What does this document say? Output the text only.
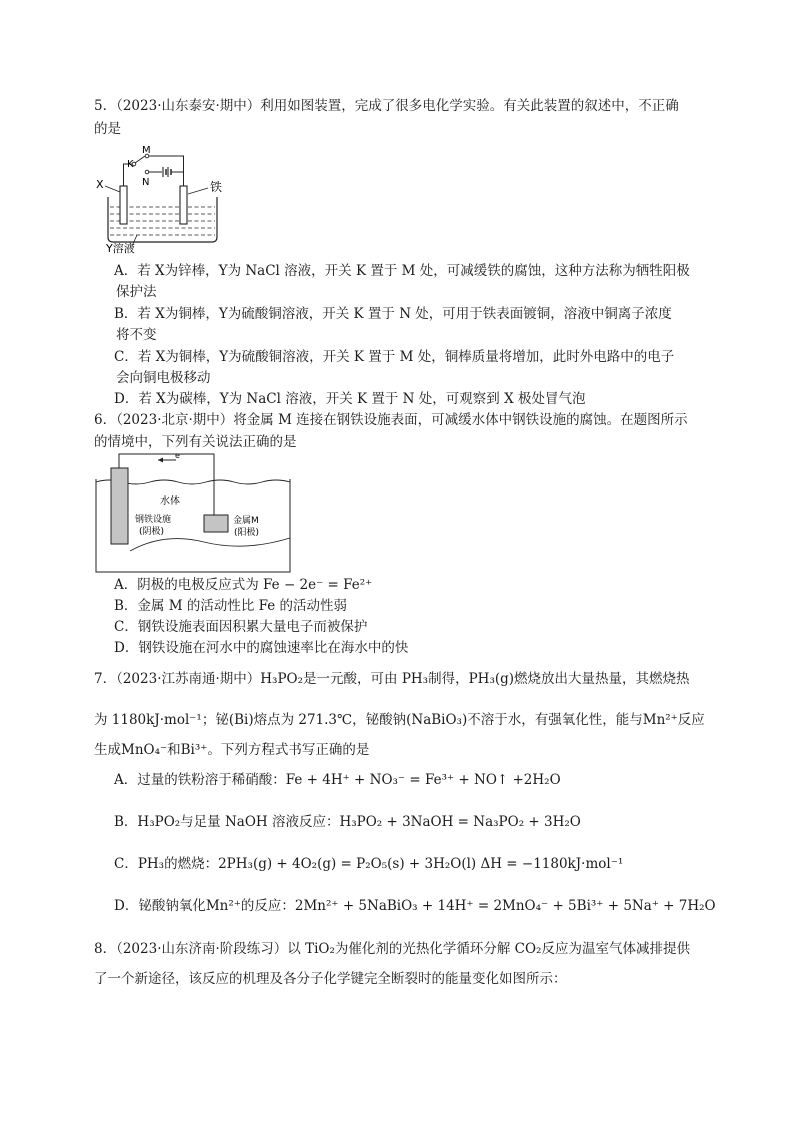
5．（2023·山东泰安·期中）利用如图装置，完成了很多电化学实验。有关此装置的叙述中，不正确
的是
M
K
N
X	铁
Y溶液
A．若 X为锌棒，Y为 NaCl 溶液，开关 K 置于 M 处，可减缓铁的腐蚀，这种方法称为牺牲阳极
保护法
B．若 X为铜棒，Y为硫酸铜溶液，开关 K 置于 N 处，可用于铁表面镀铜，溶液中铜离子浓度
将不变
C．若 X为铜棒，Y为硫酸铜溶液，开关 K 置于 M 处，铜棒质量将增加，此时外电路中的电子
会向铜电极移动
D．若 X为碳棒，Y为 NaCl 溶液，开关 K 置于 N 处，可观察到 X 极处冒气泡
6．（2023·北京·期中）将金属 M 连接在钢铁设施表面，可减缓水体中钢铁设施的腐蚀。在题图所示
的情境中，下列有关说法正确的是
e⁻
水体
钢铁设施
(阴极)
金属M
(阳极)
A．阴极的电极反应式为 Fe − 2e⁻ = Fe²⁺
B．金属 M 的活动性比 Fe 的活动性弱
C．钢铁设施表面因积累大量电子而被保护
D．钢铁设施在河水中的腐蚀速率比在海水中的快
7．（2023·江苏南通·期中）H₃PO₂是一元酸，可由 PH₃制得，PH₃(g)燃烧放出大量热量，其燃烧热
为 1180kJ·mol⁻¹；铋(Bi)熔点为 271.3℃，铋酸钠(NaBiO₃)不溶于水，有强氧化性，能与Mn²⁺反应
生成MnO₄⁻和Bi³⁺。下列方程式书写正确的是
A．过量的铁粉溶于稀硝酸：Fe + 4H⁺ + NO₃⁻ = Fe³⁺ + NO↑ +2H₂O
B．H₃PO₂与足量 NaOH 溶液反应：H₃PO₂ + 3NaOH = Na₃PO₂ + 3H₂O
C．PH₃的燃烧：2PH₃(g) + 4O₂(g) = P₂O₅(s) + 3H₂O(l) ΔH = −1180kJ·mol⁻¹
D．铋酸钠氧化Mn²⁺的反应：2Mn²⁺ + 5NaBiO₃ + 14H⁺ = 2MnO₄⁻ + 5Bi³⁺ + 5Na⁺ + 7H₂O
8．（2023·山东济南·阶段练习）以 TiO₂为催化剂的光热化学循环分解 CO₂反应为温室气体减排提供
了一个新途径，该反应的机理及各分子化学键完全断裂时的能量变化如图所示：
